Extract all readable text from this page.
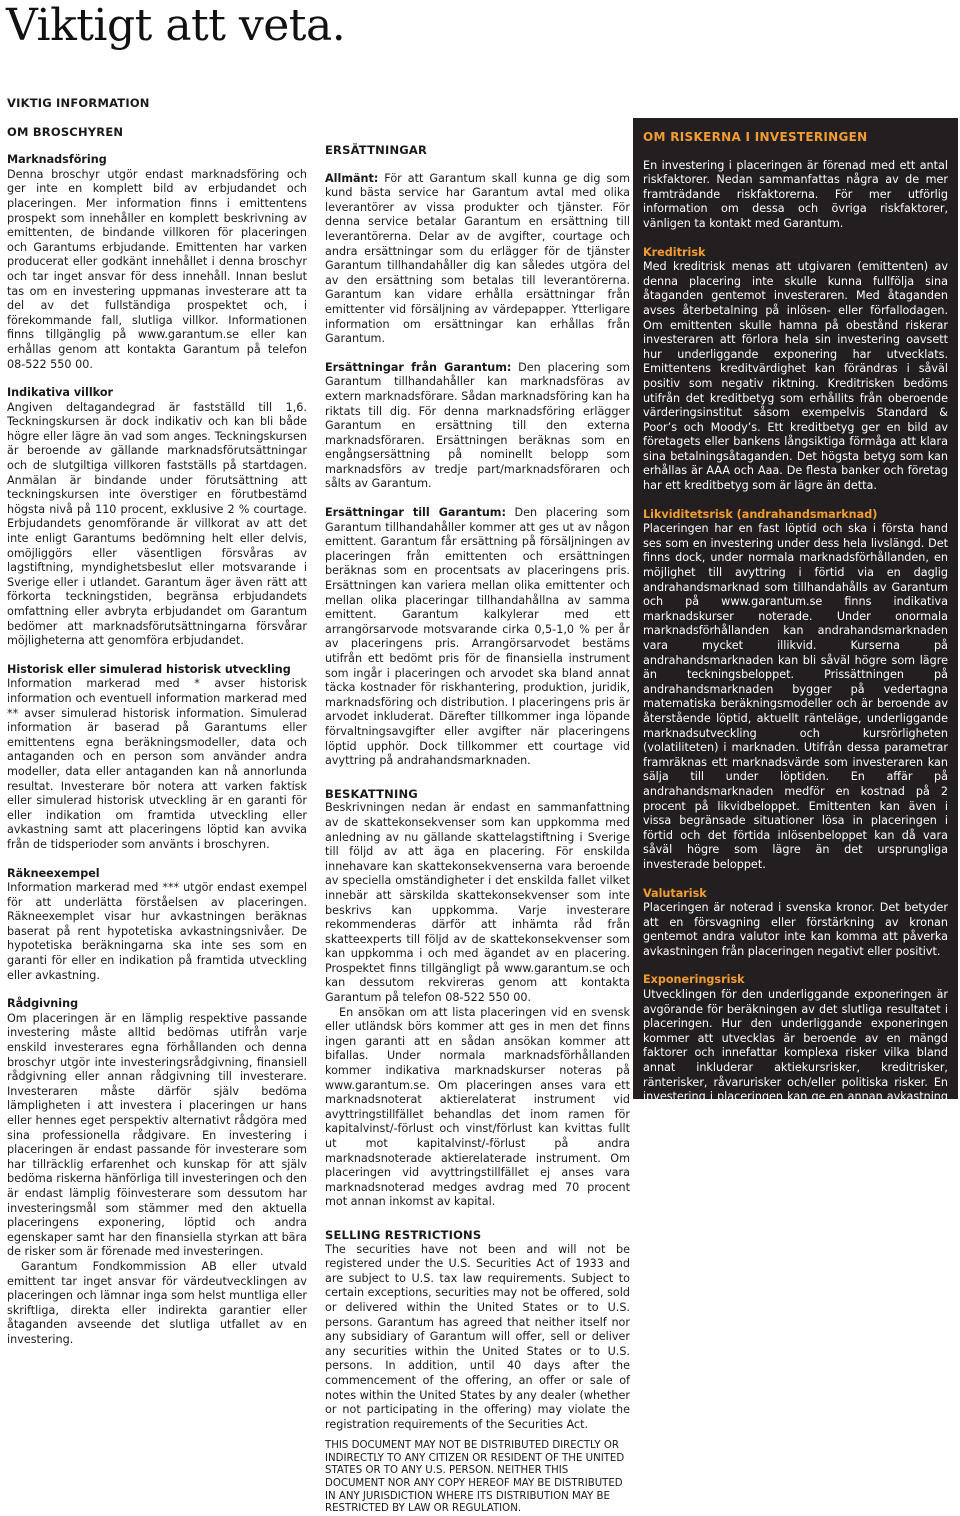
Viktigt att veta.
VIKTIG INFORMATION
OM BROSCHYREN
Marknadsföring

Denna broschyr utgör endast marknadsföring och ger inte en komplett bild av erbjudandet och placeringen. Mer information finns i emittentens prospekt som innehåller en komplett beskrivning av emittenten, de bindande villkoren för placeringen och Garantums erbjudande. Emittenten har varken producerat eller godkänt innehållet i denna broschyr och tar inget ansvar för dess innehåll. Innan beslut tas om en investering uppmanas investerare att ta del av det fullständiga prospektet och, i förekommande fall, slutliga villkor. Informationen finns tillgänglig på www.garantum.se eller kan erhållas genom att kontakta Garantum på telefon 08-522 550 00.

Indikativa villkor

Angiven deltagandegrad är fastställd till 1,6. Teckningskursen är dock indikativ och kan bli både högre eller lägre än vad som anges. Teckningskursen är beroende av gällande marknadsförutsättningar och de slutgiltiga villkoren fastställs på startdagen. Anmälan är bindande under förutsättning att teckningskursen inte överstiger en förutbestämd högsta nivå på 110 procent, exklusive 2 % courtage. Erbjudandets genomförande är villkorat av att det inte enligt Garantums bedömning helt eller delvis, omöjliggörs eller väsentligen försvåras av lagstiftning, myndighetsbeslut eller motsvarande i Sverige eller i utlandet. Garantum äger även rätt att förkorta teckningstiden, begränsa erbjudandets omfattning eller avbryta erbjudandet om Garantum bedömer att marknadsförutsättningarna försvårar möjligheterna att genomföra erbjudandet.

Historisk eller simulerad historisk utveckling

Information markerad med * avser historisk information och eventuell information markerad med ** avser simulerad historisk information. Simulerad information är baserad på Garantums eller emittentens egna beräkningsmodeller, data och antaganden och en person som använder andra modeller, data eller antaganden kan nå annorlunda resultat. Investerare bör notera att varken faktisk eller simulerad historisk utveckling är en garanti för eller indikation om framtida utveckling eller avkastning samt att placeringens löptid kan avvika från de tidsperioder som använts i broschyren.

Räkneexempel

Information markerad med *** utgör endast exempel för att underlätta förståelsen av placeringen. Räkneexemplet visar hur avkastningen beräknas baserat på rent hypotetiska avkastningsnivåer. De hypotetiska beräkningarna ska inte ses som en garanti för eller en indikation på framtida utveckling eller avkastning.

Rådgivning

Om placeringen är en lämplig respektive passande investering måste alltid bedömas utifrån varje enskild investerares egna förhållanden och denna broschyr utgör inte investeringsrådgivning, finansiell rådgivning eller annan rådgivning till investerare. Investeraren måste därför själv bedöma lämpligheten i att investera i placeringen ur hans eller hennes eget perspektiv alternativt rådgöra med sina professionella rådgivare. En investering i placeringen är endast passande för investerare som har tillräcklig erfarenhet och kunskap för att själv bedöma riskerna hänförliga till investeringen och den är endast lämplig föinvesterare som dessutom har investeringsmål som stämmer med den aktuella placeringens exponering, löptid och andra egenskaper samt har den finansiella styrkan att bära de risker som är förenade med investeringen.

Garantum Fondkommission AB eller utvald emittent tar inget ansvar för värdeutvecklingen av placeringen och lämnar inga som helst muntliga eller skriftliga, direkta eller indirekta garantier eller åtaganden avseende det slutliga utfallet av en investering.

ERSÄTTNINGAR

Allmänt: För att Garantum skall kunna ge dig som kund bästa service har Garantum avtal med olika leverantörer av vissa produkter och tjänster. För denna service betalar Garantum en ersättning till leverantörerna. Delar av de avgifter, courtage och andra ersättningar som du erlägger för de tjänster Garantum tillhandahåller dig kan således utgöra del av den ersättning som betalas till leverantörerna. Garantum kan vidare erhålla ersättningar från emittenter vid försäljning av värdepapper. Ytterligare information om ersättningar kan erhållas från Garantum.

Ersättningar från Garantum: Den placering som Garantum tillhandahåller kan marknadsföras av extern marknadsförare. Sådan marknadsföring kan ha riktats till dig. För denna marknadsföring erlägger Garantum en ersättning till den externa marknadsföraren. Ersättningen beräknas som en engångsersättning på nominellt belopp som marknadsförs av tredje part/marknadsföraren och sålts av Garantum.

Ersättningar till Garantum: Den placering som Garantum tillhandahåller kommer att ges ut av någon emittent. Garantum får ersättning på försäljningen av placeringen från emittenten och ersättningen beräknas som en procentsats av placeringens pris. Ersättningen kan variera mellan olika emittenter och mellan olika placeringar tillhandahållna av samma emittent. Garantum kalkylerar med ett arrangörsarvode motsvarande cirka 0,5-1,0 % per år av placeringens pris. Arrangörsarvodet bestäms utifrån ett bedömt pris för de finansiella instrument som ingår i placeringen och arvodet ska bland annat täcka kostnader för riskhantering, produktion, juridik, marknadsföring och distribution. I placeringens pris är arvodet inkluderat. Därefter tillkommer inga löpande förvaltningsavgifter eller avgifter när placeringens löptid upphör. Dock tillkommer ett courtage vid avyttring på andrahandsmarknaden.

BESKATTNING

Beskrivningen nedan är endast en sammanfattning av de skattekonsekvenser som kan uppkomma med anledning av nu gällande skattelagstiftning i Sverige till följd av att äga en placering. För enskilda innehavare kan skattekonsekvenserna vara beroende av speciella omständigheter i det enskilda fallet vilket innebär att särskilda skattekonsekvenser som inte beskrivs kan uppkomma. Varje investerare rekommenderas därför att inhämta råd från skatteexperts till följd av de skattekonsekvenser som kan uppkomma i och med ägandet av en placering. Prospektet finns tillgängligt på www.garantum.se och kan dessutom rekvireras genom att kontakta Garantum på telefon 08-522 550 00.

En ansökan om att lista placeringen vid en svensk eller utländsk börs kommer att ges in men det finns ingen garanti att en sådan ansökan kommer att bifallas. Under normala marknadsförhållanden kommer indikativa marknadskurser noteras på www.garantum.se. Om placeringen anses vara ett marknadsnoterat aktierelaterat instrument vid avyttringstillfället behandlas det inom ramen för kapitalvinst/-förlust och vinst/förlust kan kvittas fullt ut mot kapitalvinst/-förlust på andra marknadsnoterade aktierelaterade instrument. Om placeringen vid avyttringstillfället ej anses vara marknadsnoterad medges avdrag med 70 procent mot annan inkomst av kapital.

SELLING RESTRICTIONS

The securities have not been and will not be registered under the U.S. Securities Act of 1933 and are subject to U.S. tax law requirements. Subject to certain exceptions, securities may not be offered, sold or delivered within the United States or to U.S. persons. Garantum has agreed that neither itself nor any subsidiary of Garantum will offer, sell or deliver any securities within the United States or to U.S. persons. In addition, until 40 days after the commencement of the offering, an offer or sale of notes within the United States by any dealer (whether or not participating in the offering) may violate the registration requirements of the Securities Act.

THIS DOCUMENT MAY NOT BE DISTRIBUTED DIRECTLY OR INDIRECTLY TO ANY CITIZEN OR RESIDENT OF THE UNITED STATES OR TO ANY U.S. PERSON. NEITHER THIS DOCUMENT NOR ANY COPY HEREOF MAY BE DISTRIBUTED IN ANY JURISDICTION WHERE ITS DISTRIBUTION MAY BE RESTRICTED BY LAW OR REGULATION.

OM RISKERNA I INVESTERINGEN

En investering i placeringen är förenad med ett antal riskfaktorer. Nedan sammanfattas några av de mer framträdande riskfaktorerna. För mer utförlig information om dessa och övriga riskfaktorer, vänligen ta kontakt med Garantum.

Kreditrisk

Med kreditrisk menas att utgivaren (emittenten) av denna placering inte skulle kunna fullfölja sina åtaganden gentemot investeraren. Med åtaganden avses återbetalning på inlösen- eller förfallodagen. Om emittenten skulle hamna på obestånd riskerar investeraren att förlora hela sin investering oavsett hur underliggande exponering har utvecklats. Emittentens kreditvärdighet kan förändras i såväl positiv som negativ riktning. Kreditrisken bedöms utifrån det kreditbetyg som erhållits från oberoende värderingsinstitut såsom exempelvis Standard & Poor’s och Moody’s. Ett kreditbetyg ger en bild av företagets eller bankens långsiktiga förmåga att klara sina betalningsåtaganden. Det högsta betyg som kan erhållas är AAA och Aaa. De flesta banker och företag har ett kreditbetyg som är lägre än detta.

Likviditetsrisk (andrahandsmarknad)

Placeringen har en fast löptid och ska i första hand ses som en investering under dess hela livslängd. Det finns dock, under normala marknadsförhållanden, en möjlighet till avyttring i förtid via en daglig andrahandsmarknad som tillhandahålls av Garantum och på www.garantum.se finns indikativa marknadskurser noterade. Under onormala marknadsförhållanden kan andrahandsmarknaden vara mycket illikvid. Kurserna på andrahandsmarknaden kan bli såväl högre som lägre än teckningsbeloppet. Prissättningen på andrahandsmarknaden bygger på vedertagna matematiska beräkningsmodeller och är beroende av återstående löptid, aktuellt ränteläge, underliggande marknadsutveckling och kursrörligheten (volatiliteten) i marknaden. Utifrån dessa parametrar framräknas ett marknadsvärde som investeraren kan sälja till under löptiden. En affär på andrahandsmarknaden medför en kostnad på 2 procent på likvidbeloppet. Emittenten kan även i vissa begränsade situationer lösa in placeringen i förtid och det förtida inlösenbeloppet kan då vara såväl högre som lägre än det ursprungliga investerade beloppet.

Valutarisk

Placeringen är noterad i svenska kronor. Det betyder att en försvagning eller förstärkning av kronan gentemot andra valutor inte kan komma att påverka avkastningen från placeringen negativt eller positivt.

Exponeringsrisk

Utvecklingen för den underliggande exponeringen är avgörande för beräkningen av det slutliga resultatet i placeringen. Hur den underliggande exponeringen kommer att utvecklas är beroende av en mängd faktorer och innefattar komplexa risker vilka bland annat inkluderar aktiekursrisker, kreditrisker, ränterisker, råvarurisker och/eller politiska risker. En investering i placeringen kan ge en annan avkastning än en direktinvestering i den underliggande exponeringen.
